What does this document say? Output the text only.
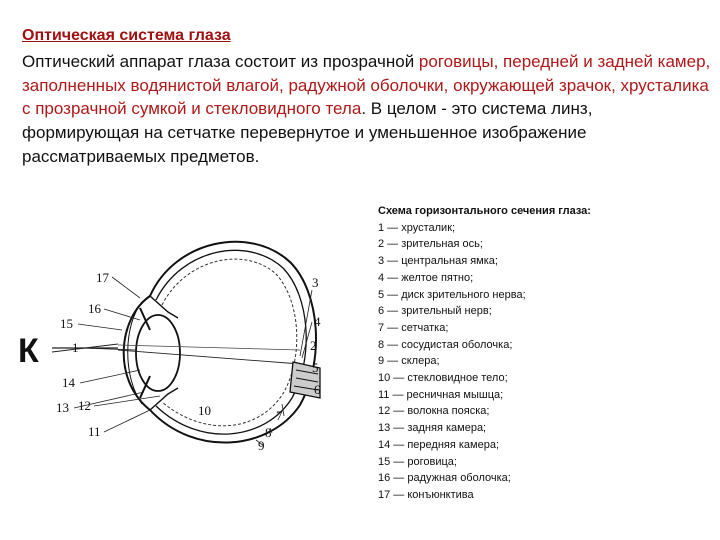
Оптическая система глаза
Оптический аппарат глаза состоит из прозрачной роговицы, передней и задней камер, заполненных водянистой влагой, радужной оболочки, окружающей зрачок, хрусталика с прозрачной сумкой и стекловидного тела. В целом - это система линз, формирующая на сетчатке перевернутое и уменьшенное изображение рассматриваемых предметов.
К
17
16
15
1
14
13 12
11
10
9
8
7
6
5
4
3
2
Схема горизонтального сечения глаза:
1 — хрусталик;
2 — зрительная ось;
3 — центральная ямка;
4 — желтое пятно;
5 — диск зрительного нерва;
6 — зрительный нерв;
7 — сетчатка;
8 — сосудистая оболочка;
9 — склера;
10 — стекловидное тело;
11 — ресничная мышца;
12 — волокна пояска;
13 — задняя камера;
14 — передняя камера;
15 — роговица;
16 — радужная оболочка;
17 — конъюнктива
